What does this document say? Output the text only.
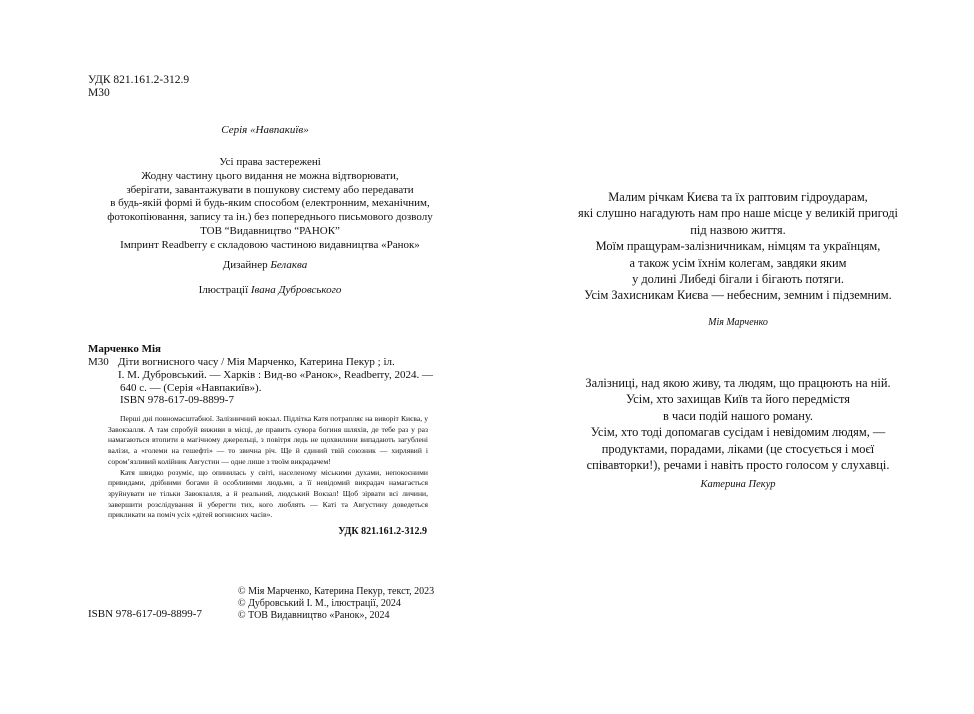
УДК 821.161.2-312.9
М30
Серія «Навпакиїв»
Усі права застережені
Жодну частину цього видання не можна відтворювати,
зберігати, завантажувати в пошукову систему або передавати
в будь-якій формі й будь-яким способом (електронним, механічним,
фотокопіювання, запису та ін.) без попереднього письмового дозволу
ТОВ “Видавництво “РАНОК”
Імпринт Readberry є складовою частиною видавництва «Ранок»
Дизайнер Белаква
Ілюстрації Івана Дубровського
Марченко Мія
М30 Діти вогнисного часу / Мія Марченко, Катерина Пекур ; іл.
І. М. Дубровський. — Харків : Вид-во «Ранок», Readberry, 2024. —
640 с. — (Серія «Навпакиїв»).
ISBN 978-617-09-8899-7

Перші дні повномасштабної. Залізничний вокзал. Підлітка Катя потрапляє на виворіт Києва, у Завокзалля. А там спробуй виживи в місці, де править сувора богиня шляхів, де тебе раз у раз намагаються втопити в магічному джерельці, з повітря ледь не щохвилини випадають загублені валізи, а «големи на гешефті» — то звична річ. Ще й єдиний твій союзник — хирлявий і сором’язливий колійник Августин — одне лише з твоїм викрадачем!

Катя швидко розуміє, що опинилась у світі, населеному міськими духами, непокоєними привидами, дрібними богами й особливими людьми, а її невідомий викрадач намагається зруйнувати не тільки Завокзалля, а й реальний, людський Вокзал! Щоб зірвати всі личини, завершити розслідування й уберегти тих, кого люблять — Каті та Августину доведеться прикликати на поміч усіх «дітей вогнисних часів».

УДК 821.161.2-312.9
ISBN 978-617-09-8899-7
© Мія Марченко, Катерина Пекур, текст, 2023
© Дубровський І. М., ілюстрації, 2024
© ТОВ Видавництво «Ранок», 2024
Малим річкам Києва та їх раптовим гідроударам,
які слушно нагадують нам про наше місце у великій пригоді
під назвою життя.
Моїм пращурам-залізничникам, німцям та українцям,
а також усім їхнім колегам, завдяки яким
у долині Либеді бігали і бігають потяги.
Усім Захисникам Києва — небесним, земним і підземним.
Мія Марченко
Залізниці, над якою живу, та людям, що працюють на ній.
Усім, хто захищав Київ та його передмістя
в часи подій нашого роману.
Усім, хто тоді допомагав сусідам і невідомим людям, —
продуктами, порадами, ліками (це стосується і моєї
співавторки!), речами і навіть просто голосом у слухавці.
Катерина Пекур
